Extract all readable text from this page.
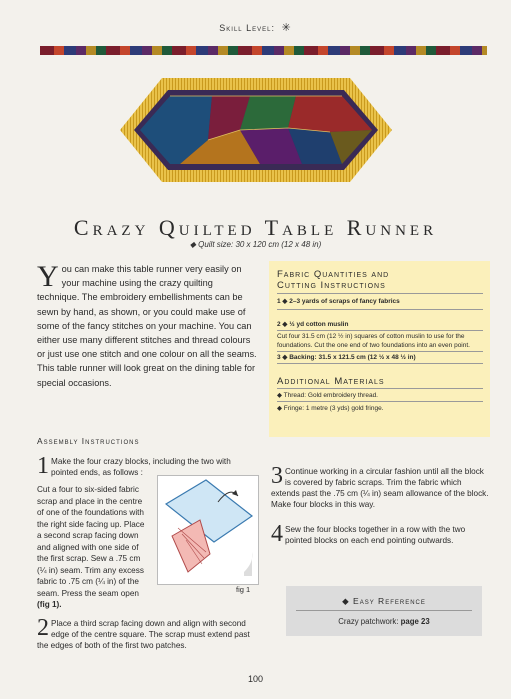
Skill Level: ✳
Crazy Quilted Table Runner
◆ Quilt size: 30 x 120 cm (12 x 48 in)
Y ou can make this table runner very easily on your machine using the crazy quilting technique. The embroidery embellishments can be sewn by hand, as shown, or you could make use of some of the fancy stitches on your machine. You can either use many different stitches and thread colours or just use one stitch and one colour on all the seams. This table runner will look great on the dining table for special occasions.
Assembly Instructions
1 Make the four crazy blocks, including the two with pointed ends, as follows :
Cut a four to six-sided fabric scrap and place in the centre of one of the foundations with the right side facing up. Place a second scrap facing down and aligned with one side of the first scrap. Sew a .75 cm (¼ in) seam. Trim any excess fabric to .75 cm (¼ in) of the seam. Press the seam open (fig 1).
fig 1
2 Place a third scrap facing down and align with second edge of the centre square. The scrap must extend past the edges of both of the first two patches.
3 Continue working in a circular fashion until all the block is covered by fabric scraps. Trim the fabric which extends past the .75 cm (¼ in) seam allowance of the block. Make four blocks in this way.
4 Sew the four blocks together in a row with the two pointed blocks on each end pointing outwards.
Fabric Quantities and
Cutting Instructions
1 ◆ 2–3 yards of scraps of fancy fabrics
2 ◆ ½ yd cotton muslin
Cut four 31.5 cm (12 ½ in) squares of cotton muslin to use for the foundations. Cut the one end of two foundations into an even point.
3 ◆ Backing: 31.5 x 121.5 cm (12 ½ x 48 ½ in)
Additional Materials
◆ Thread: Gold embroidery thread.
◆ Fringe: 1 metre (3 yds) gold fringe.
◆ Easy Reference
Crazy patchwork: page 23
100
